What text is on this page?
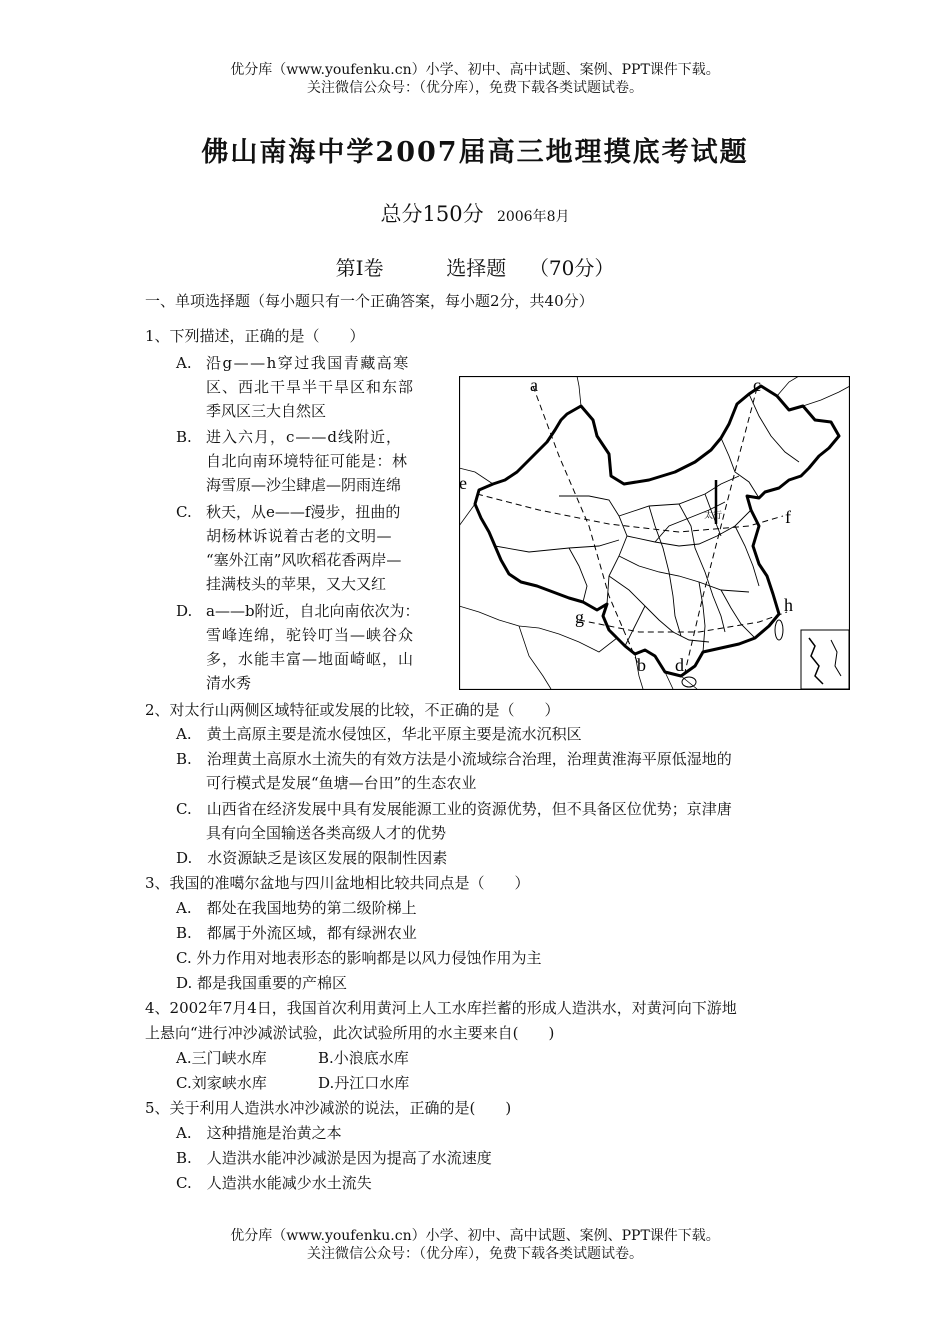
优分库（www.youfenku.cn）小学、初中、高中试题、案例、PPT课件下载。
关注微信公众号：（优分库），免费下载各类试题试卷。
佛山南海中学2007届高三地理摸底考试题
总分150分 2006年8月
第Ⅰ卷	选择题 （70分）
一、单项选择题（每小题只有一个正确答案，每小题2分，共40分）
1、下列描述，正确的是（　　）
A. 沿g——h穿过我国青藏高寒
区、西北干旱半干旱区和东部
季风区三大自然区
B. 进入六月，c——d线附近，
自北向南环境特征可能是：林
海雪原—沙尘肆虐—阴雨连绵
C. 秋天，从e——f漫步，扭曲的
胡杨林诉说着古老的文明—
“塞外江南”风吹稻花香两岸—
挂满枝头的苹果，又大又红
D. a——b附近，自北向南依次为：
雪峰连绵，驼铃叮当—峡谷众
多，水能丰富—地面崎岖，山
清水秀
太行
a	c
e
f
g
h
b d
2、对太行山两侧区域特征或发展的比较，不正确的是（　　）
A.　黄土高原主要是流水侵蚀区，华北平原主要是流水沉积区
B.　治理黄土高原水土流失的有效方法是小流域综合治理，治理黄淮海平原低湿地的
可行模式是发展“鱼塘—台田”的生态农业
C.　山西省在经济发展中具有发展能源工业的资源优势，但不具备区位优势；京津唐
具有向全国输送各类高级人才的优势
D.　水资源缺乏是该区发展的限制性因素
3、我国的准噶尔盆地与四川盆地相比较共同点是（　　）
A.　都处在我国地势的第二级阶梯上
B.　都属于外流区域，都有绿洲农业
C. 外力作用对地表形态的影响都是以风力侵蚀作用为主
D. 都是我国重要的产棉区
4、2002年7月4日，我国首次利用黄河上人工水库拦蓄的形成人造洪水，对黄河向下游地
上悬向“进行冲沙减淤试验，此次试验所用的水主要来自(　　)
A.三门峡水库	B.小浪底水库
C.刘家峡水库	D.丹江口水库
5、关于利用人造洪水冲沙减淤的说法，正确的是(　　)
A.　这种措施是治黄之本
B.　人造洪水能冲沙减淤是因为提高了水流速度
C.　人造洪水能减少水土流失
优分库（www.youfenku.cn）小学、初中、高中试题、案例、PPT课件下载。
关注微信公众号：（优分库），免费下载各类试题试卷。
